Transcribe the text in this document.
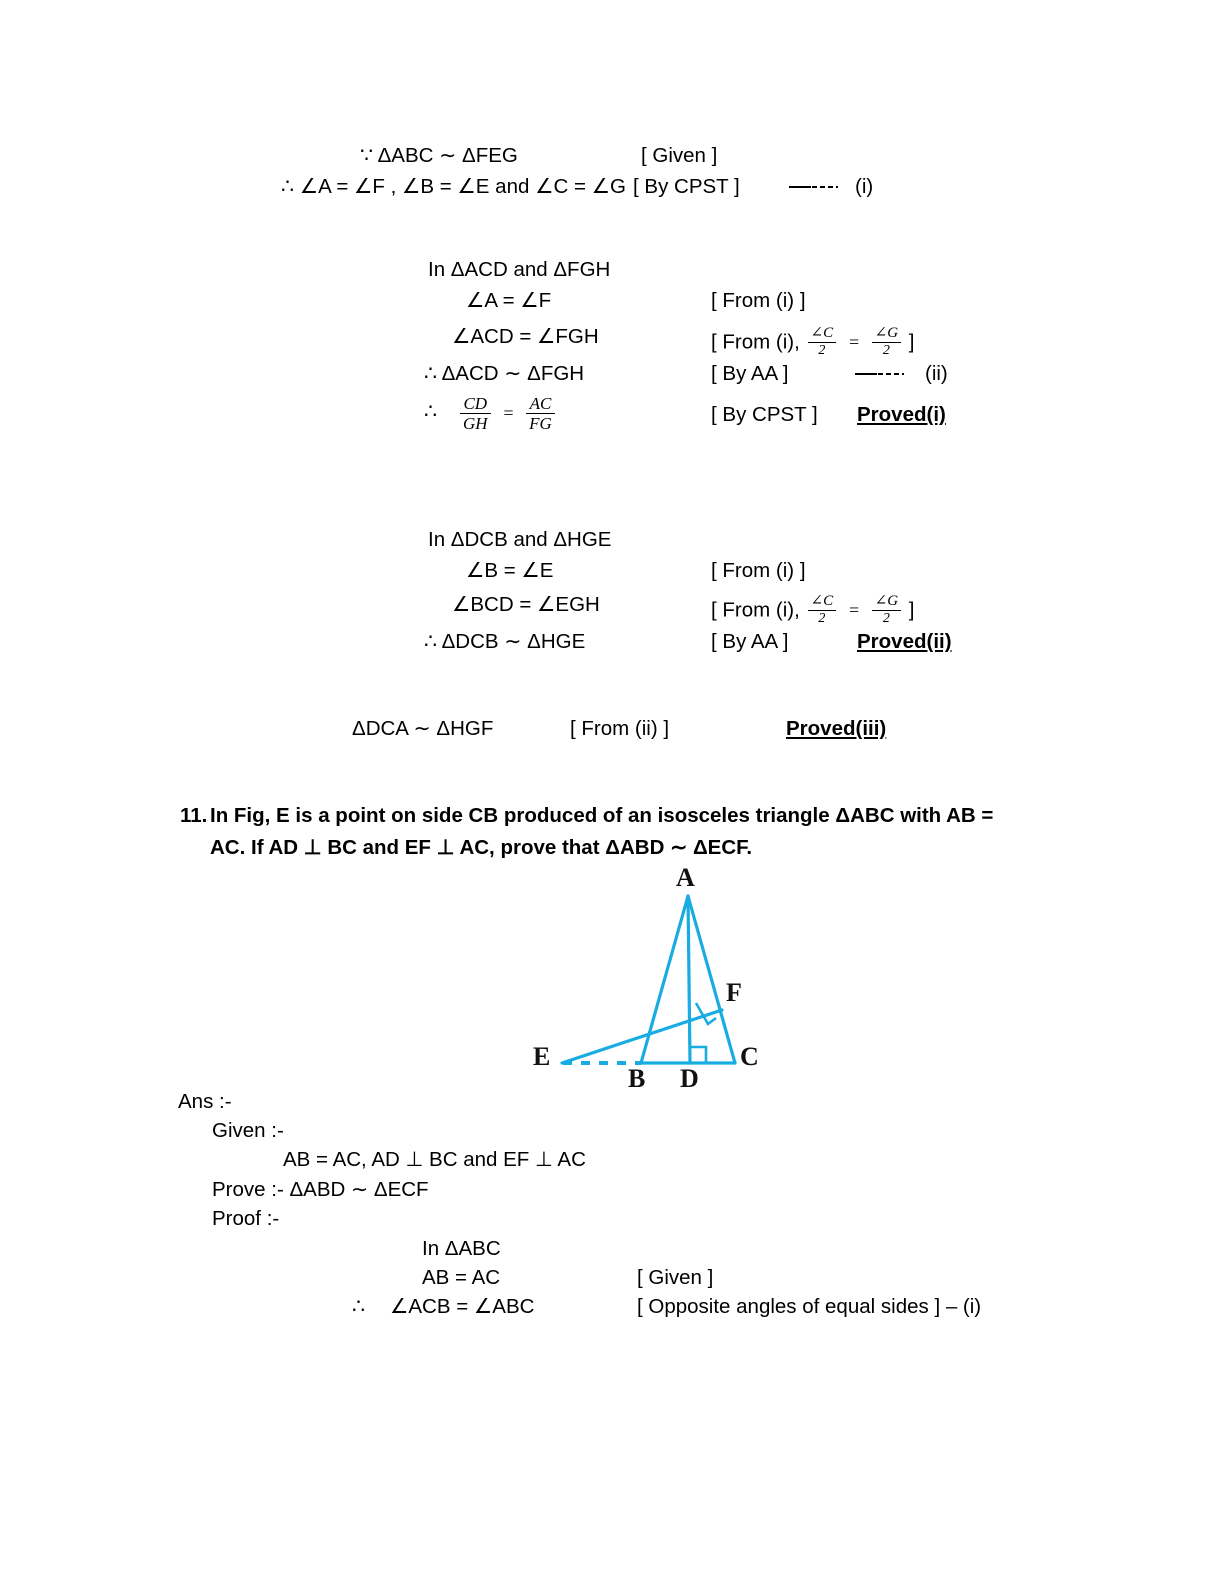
∵ ΔABC ∼ ΔFEG	[ Given ]
∴ ∠A = ∠F , ∠B = ∠E and ∠C = ∠G [ By CPST ]	(i)
In ΔACD and ΔFGH
∠A = ∠F	[ From (i) ]
∠ACD = ∠FGH	[ From (i), $\frac{\angle C}{2} = \frac{\angle G}{2}$ ]
∴ ΔACD ∼ ΔFGH	[ By AA ]	(ii)
∴ $\frac{CD}{GH} = \frac{AC}{FG}$	[ By CPST ] Proved(i)
In ΔDCB and ΔHGE
∠B = ∠E	[ From (i) ]
∠BCD = ∠EGH	[ From (i), $\frac{\angle C}{2} = \frac{\angle G}{2}$ ]
∴ ΔDCB ∼ ΔHGE	[ By AA ]	Proved(ii)
ΔDCA ∼ ΔHGF	[ From (ii) ]	Proved(iii)
11. In Fig, E is a point on side CB produced of an isosceles triangle ΔABC with AB =
AC. If AD ⊥ BC and EF ⊥ AC, prove that ΔABD ∼ ΔECF.
A
B
C
D
E
F
Ans :-
Given :-
AB = AC, AD ⊥ BC and EF ⊥ AC
Prove :- ΔABD ∼ ΔECF
Proof :-
In ΔABC
AB = AC	[ Given ]
∴ ∠ACB = ∠ABC	[ Opposite angles of equal sides ] – (i)
